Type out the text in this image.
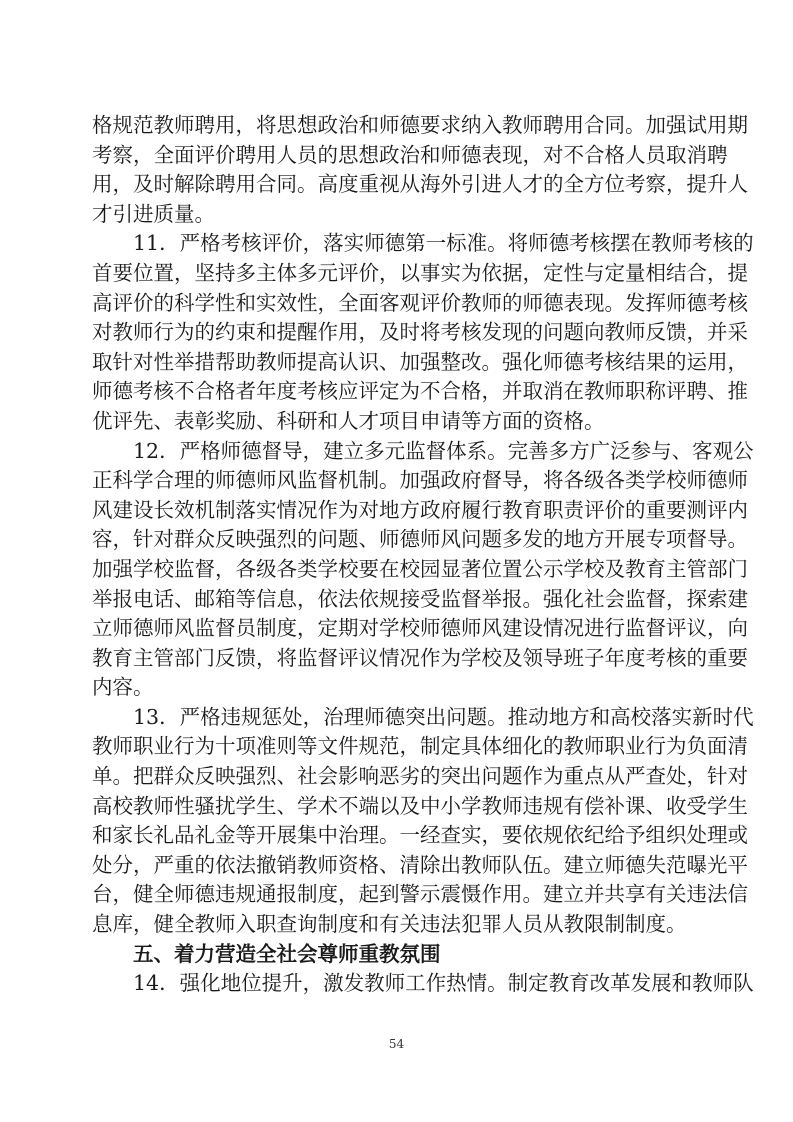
格规范教师聘用，将思想政治和师德要求纳入教师聘用合同。加强试用期
考察，全面评价聘用人员的思想政治和师德表现，对不合格人员取消聘
用，及时解除聘用合同。高度重视从海外引进人才的全方位考察，提升人
才引进质量。
11．严格考核评价，落实师德第一标准。将师德考核摆在教师考核的
首要位置，坚持多主体多元评价，以事实为依据，定性与定量相结合，提
高评价的科学性和实效性，全面客观评价教师的师德表现。发挥师德考核
对教师行为的约束和提醒作用，及时将考核发现的问题向教师反馈，并采
取针对性举措帮助教师提高认识、加强整改。强化师德考核结果的运用，
师德考核不合格者年度考核应评定为不合格，并取消在教师职称评聘、推
优评先、表彰奖励、科研和人才项目申请等方面的资格。
12．严格师德督导，建立多元监督体系。完善多方广泛参与、客观公
正科学合理的师德师风监督机制。加强政府督导，将各级各类学校师德师
风建设长效机制落实情况作为对地方政府履行教育职责评价的重要测评内
容，针对群众反映强烈的问题、师德师风问题多发的地方开展专项督导。
加强学校监督，各级各类学校要在校园显著位置公示学校及教育主管部门
举报电话、邮箱等信息，依法依规接受监督举报。强化社会监督，探索建
立师德师风监督员制度，定期对学校师德师风建设情况进行监督评议，向
教育主管部门反馈，将监督评议情况作为学校及领导班子年度考核的重要
内容。
13．严格违规惩处，治理师德突出问题。推动地方和高校落实新时代
教师职业行为十项准则等文件规范，制定具体细化的教师职业行为负面清
单。把群众反映强烈、社会影响恶劣的突出问题作为重点从严查处，针对
高校教师性骚扰学生、学术不端以及中小学教师违规有偿补课、收受学生
和家长礼品礼金等开展集中治理。一经查实，要依规依纪给予组织处理或
处分，严重的依法撤销教师资格、清除出教师队伍。建立师德失范曝光平
台，健全师德违规通报制度，起到警示震慑作用。建立并共享有关违法信
息库，健全教师入职查询制度和有关违法犯罪人员从教限制制度。
五、着力营造全社会尊师重教氛围
14．强化地位提升，激发教师工作热情。制定教育改革发展和教师队
54
